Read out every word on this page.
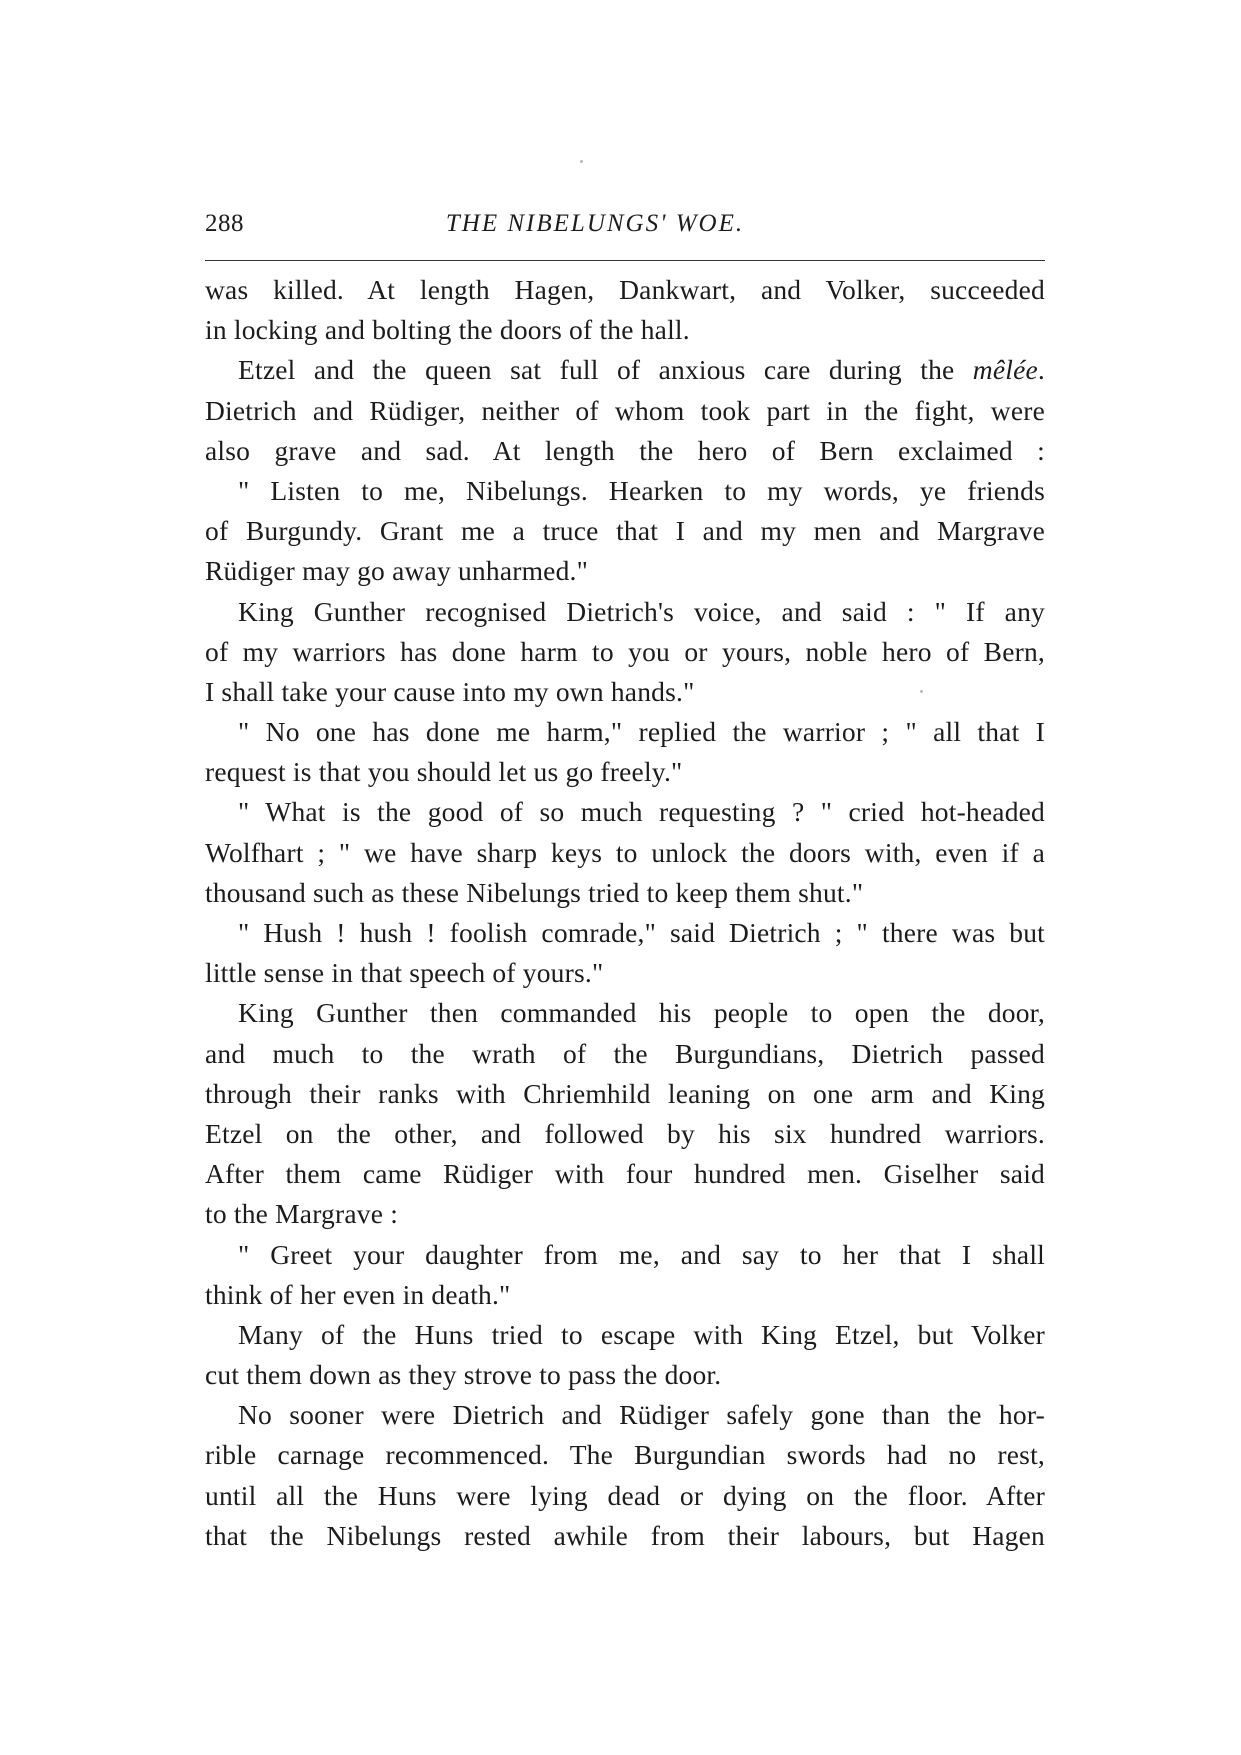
288	THE NIBELUNGS' WOE.
was killed. At length Hagen, Dankwart, and Volker, succeeded
in locking and bolting the doors of the hall.
Etzel and the queen sat full of anxious care during the mêlée.
Dietrich and Rüdiger, neither of whom took part in the fight, were
also grave and sad. At length the hero of Bern exclaimed :
" Listen to me, Nibelungs. Hearken to my words, ye friends
of Burgundy. Grant me a truce that I and my men and Margrave
Rüdiger may go away unharmed."
King Gunther recognised Dietrich's voice, and said : " If any
of my warriors has done harm to you or yours, noble hero of Bern,
I shall take your cause into my own hands."
" No one has done me harm," replied the warrior ; " all that I
request is that you should let us go freely."
" What is the good of so much requesting ? " cried hot-headed
Wolfhart ; " we have sharp keys to unlock the doors with, even if a
thousand such as these Nibelungs tried to keep them shut."
" Hush ! hush ! foolish comrade," said Dietrich ; " there was but
little sense in that speech of yours."
King Gunther then commanded his people to open the door,
and much to the wrath of the Burgundians, Dietrich passed
through their ranks with Chriemhild leaning on one arm and King
Etzel on the other, and followed by his six hundred warriors.
After them came Rüdiger with four hundred men. Giselher said
to the Margrave :
" Greet your daughter from me, and say to her that I shall
think of her even in death."
Many of the Huns tried to escape with King Etzel, but Volker
cut them down as they strove to pass the door.
No sooner were Dietrich and Rüdiger safely gone than the hor-
rible carnage recommenced. The Burgundian swords had no rest,
until all the Huns were lying dead or dying on the floor. After
that the Nibelungs rested awhile from their labours, but Hagen
